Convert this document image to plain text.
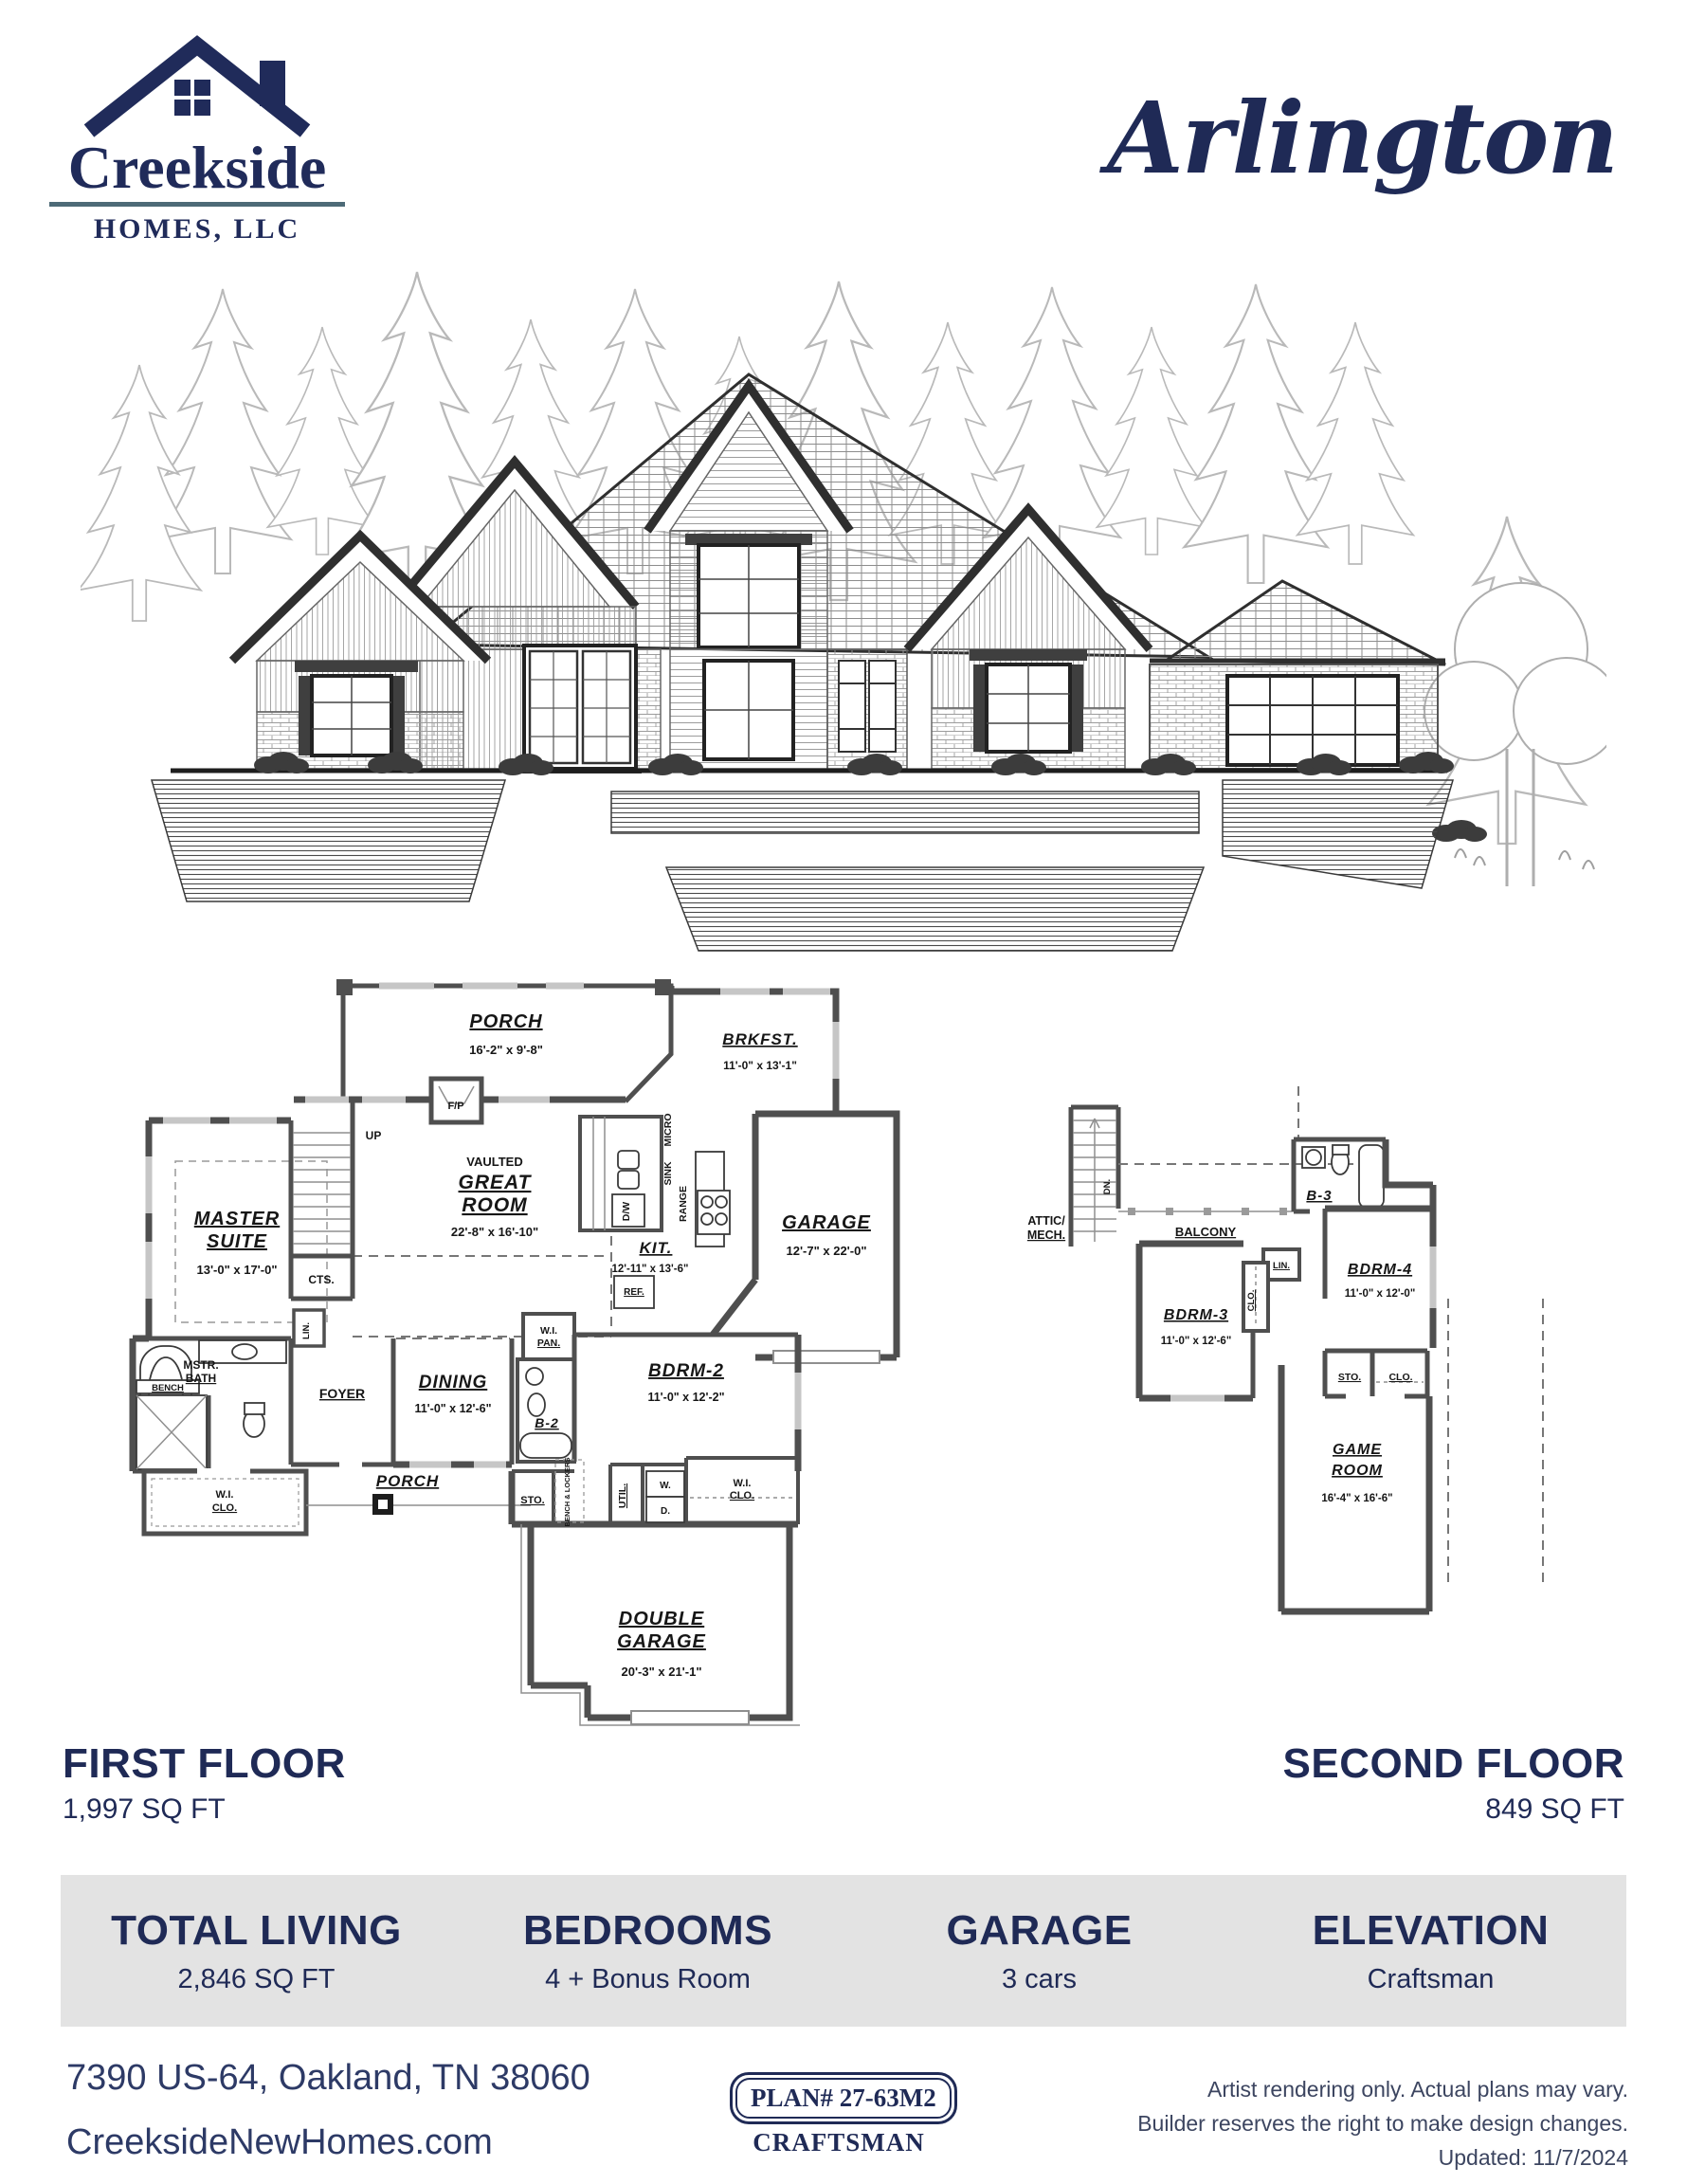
Creekside
HOMES, LLC
Arlington
F/P
VAULTED
GREAT
ROOM
22'-8" x 16'-10"
PORCH
16'-2" x 9'-8"
BRKFST.
11'-0" x 13'-1"
GARAGE
12'-7" x 22'-0"
MASTER
SUITE
13'-0" x 17'-0"
UP
CTS.
MICRO
SINK
D/W	RANGE
KIT.
12'-11" x 13'-6"
REF.
DINING
11'-0" x 12'-6"
LIN.
FOYER
BENCH
MSTR.
BATH
W.I.
CLO.
PORCH
W.I.
PAN.
B-2
BDRM-2
11'-0" x 12'-2"
STO.	BENCH & LOCKERS	UTIL.	W.
D.
W.I.
CLO.
DOUBLE
GARAGE
20'-3" x 21'-1"
DN.
ATTIC/
MECH.	BALCONY
B-3
BDRM-4
11'-0" x 12'-0"
LIN.
CLO.
BDRM-3
11'-0" x 12'-6"
STO.	CLO.
GAME
ROOM
16'-4" x 16'-6"
FIRST FLOOR

1,997 SQ FT

SECOND FLOOR

849 SQ FT

TOTAL LIVING
2,846 SQ FT
BEDROOMS
4 + Bonus Room
GARAGE
3 cars
ELEVATION
Craftsman
7390 US-64, Oakland, TN 38060
CreeksideNewHomes.com
PLAN# 27-63M2
CRAFTSMAN
Artist rendering only. Actual plans may vary.
Builder reserves the right to make design changes.
Updated: 11/7/2024
